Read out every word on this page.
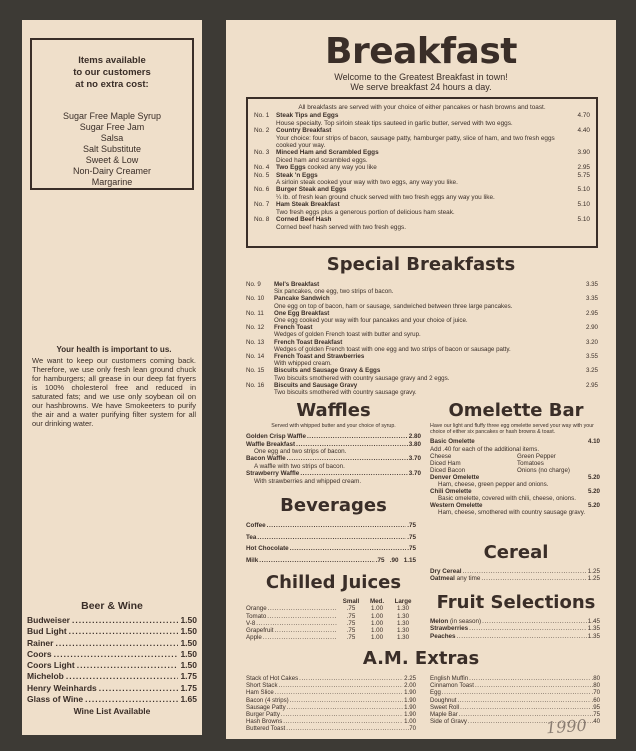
Items available
to our customers
at no extra cost:
Sugar Free Maple Syrup
Sugar Free Jam
Salsa
Salt Substitute
Sweet & Low
Non-Dairy Creamer
Margarine
Your health is important to us.

We want to keep our customers coming back. Therefore, we use only fresh lean ground chuck for hamburgers; all grease in our deep fat fryers is 100% cholesterol free and reduced in saturated fats; and we use only soybean oil on our hashbrowns. We have Smokeeters to purify the air and a water purifying filter system for all our drinking water.

Beer & Wine
Budweiser .....	1.50
Bud Light .....	1.50
Rainer .....	1.50
Coors .....	1.50
Coors Light .....	1.50
Michelob .....	1.75
Henry Weinhards .....	1.75
Glass of Wine .....	1.65
Wine List Available
Breakfast
Welcome to the Greatest Breakfast in town!
We serve breakfast 24 hours a day.
All breakfasts are served with your choice of either pancakes or hash browns and toast.
No. 1	Steak Tips and Eggs
House specialty. Top sirloin steak tips sauteed in garlic butter, served with two eggs.
4.70
No. 2	Country Breakfast
Your choice: four strips of bacon, sausage patty, hamburger patty, slice of ham, and two fresh eggs cooked your way.
4.40
No. 3	Minced Ham and Scrambled Eggs
Diced ham and scrambled eggs.
3.90
No. 4	Two Eggs cooked any way you like	2.95
No. 5	Steak 'n Eggs
A sirloin steak cooked your way with two eggs, any way you like.
5.75
No. 6	Burger Steak and Eggs
¼ lb. of fresh lean ground chuck served with two fresh eggs any way you like.
5.10
No. 7	Ham Steak Breakfast
Two fresh eggs plus a generous portion of delicious ham steak.
5.10
No. 8	Corned Beef Hash
Corned beef hash served with two fresh eggs.
5.10
Special Breakfasts
No. 9	Mel's Breakfast
Six pancakes, one egg, two strips of bacon.
3.35
No. 10	Pancake Sandwich
One egg on top of bacon, ham or sausage, sandwiched between three large pancakes.
3.35
No. 11	One Egg Breakfast
One egg cooked your way with four pancakes and your choice of juice.
2.95
No. 12	French Toast
Wedges of golden French toast with butter and syrup.
2.90
No. 13	French Toast Breakfast
Wedges of golden French toast with one egg and two strips of bacon or sausage patty.
3.20
No. 14	French Toast and Strawberries
With whipped cream.
3.55
No. 15	Biscuits and Sausage Gravy & Eggs
Two biscuits smothered with country sausage gravy and 2 eggs.
3.25
No. 16	Biscuits and Sausage Gravy
Two biscuits smothered with country sausage gravy.
2.95
Waffles
Served with whipped butter and your choice of syrup.
Golden Crisp Waffle .....	2.80
Waffle Breakfast .....	3.80
One egg and two strips of bacon.
Bacon Waffle .....	3.70
A waffle with two strips of bacon.
Strawberry Waffle .....	3.70
With strawberries and whipped cream.
Beverages
Coffee .....	.75
Tea .....	.75
Hot Chocolate .....	.75
Milk .....	.75 .90 1.15
Chilled Juices
Small	Med.	Large
Orange .....	.75	1.00	1.30
Tomato .....	.75	1.00	1.30
V-8 .....	.75	1.00	1.30
Grapefruit .....	.75	1.00	1.30
Apple .....	.75	1.00	1.30
Omelette Bar
Have our light and fluffy three egg omelette served your way with your choice of either six pancakes or hash browns & toast.
Basic Omelette	4.10
Add .40 for each of the additional items.
Cheese	Green Pepper
Diced Ham	Tomatoes
Diced Bacon	Onions (no charge)
Denver Omelette	5.20
Ham, cheese, green pepper and onions.
Chili Omelette	5.20
Basic omelette, covered with chili, cheese, onions.
Western Omelette	5.20
Ham, cheese, smothered with country sausage gravy.
Cereal
Dry Cereal .....	1.25
Oatmeal any time .....	1.25
Fruit Selections
Melon (in season) .....	1.45
Strawberries .....	1.35
Peaches .....	1.35
A.M. Extras
Stack of Hot Cakes .....	2.25
Short Stack .....	2.00
Ham Slice .....	1.90
Bacon (4 strips) .....	1.90
Sausage Patty .....	1.90
Burger Patty .....	1.90
Hash Browns .....	1.00
Buttered Toast .....	.70
English Muffin .....	.80
Cinnamon Toast .....	.80
Egg .....	.70
Doughnut .....	.60
Sweet Roll .....	.95
Maple Bar .....	.75
Side of Gravy .....	.40
1990
